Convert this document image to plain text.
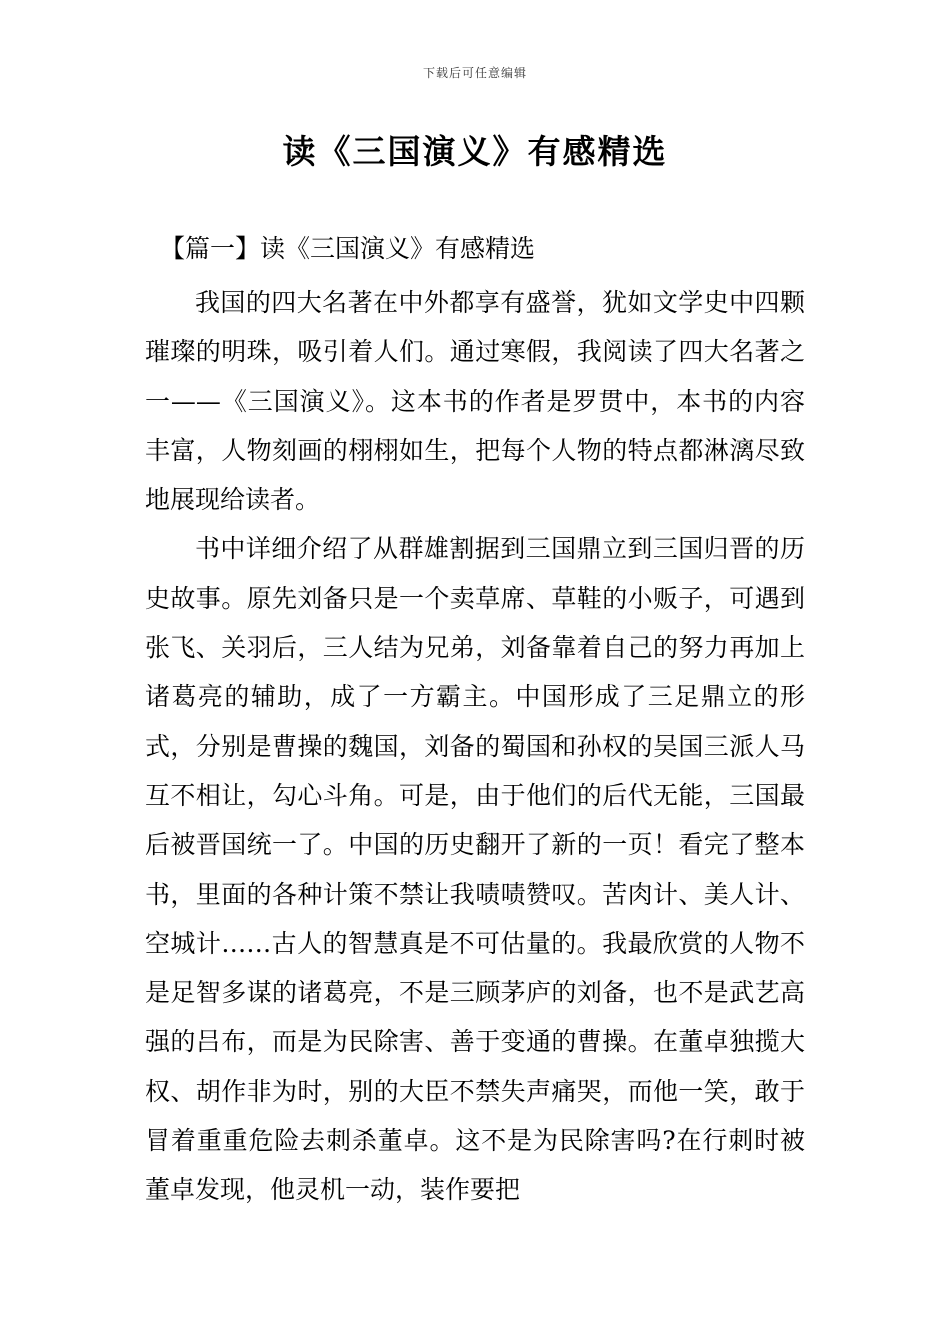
下载后可任意编辑
读《三国演义》有感精选
【篇一】读《三国演义》有感精选

我国的四大名著在中外都享有盛誉，犹如文学史中四颗璀璨的明珠，吸引着人们。通过寒假，我阅读了四大名著之一——《三国演义》。这本书的作者是罗贯中，本书的内容丰富，人物刻画的栩栩如生，把每个人物的特点都淋漓尽致地展现给读者。

书中详细介绍了从群雄割据到三国鼎立到三国归晋的历史故事。原先刘备只是一个卖草席、草鞋的小贩子，可遇到张飞、关羽后，三人结为兄弟，刘备靠着自己的努力再加上诸葛亮的辅助，成了一方霸主。中国形成了三足鼎立的形式，分别是曹操的魏国，刘备的蜀国和孙权的吴国三派人马互不相让，勾心斗角。可是，由于他们的后代无能，三国最后被晋国统一了。中国的历史翻开了新的一页！看完了整本书，里面的各种计策不禁让我啧啧赞叹。苦肉计、美人计、空城计……古人的智慧真是不可估量的。我最欣赏的人物不是足智多谋的诸葛亮，不是三顾茅庐的刘备，也不是武艺高强的吕布，而是为民除害、善于变通的曹操。在董卓独揽大权、胡作非为时，别的大臣不禁失声痛哭，而他一笑，敢于冒着重重危险去刺杀董卓。这不是为民除害吗?在行刺时被董卓发现，他灵机一动，装作要把
